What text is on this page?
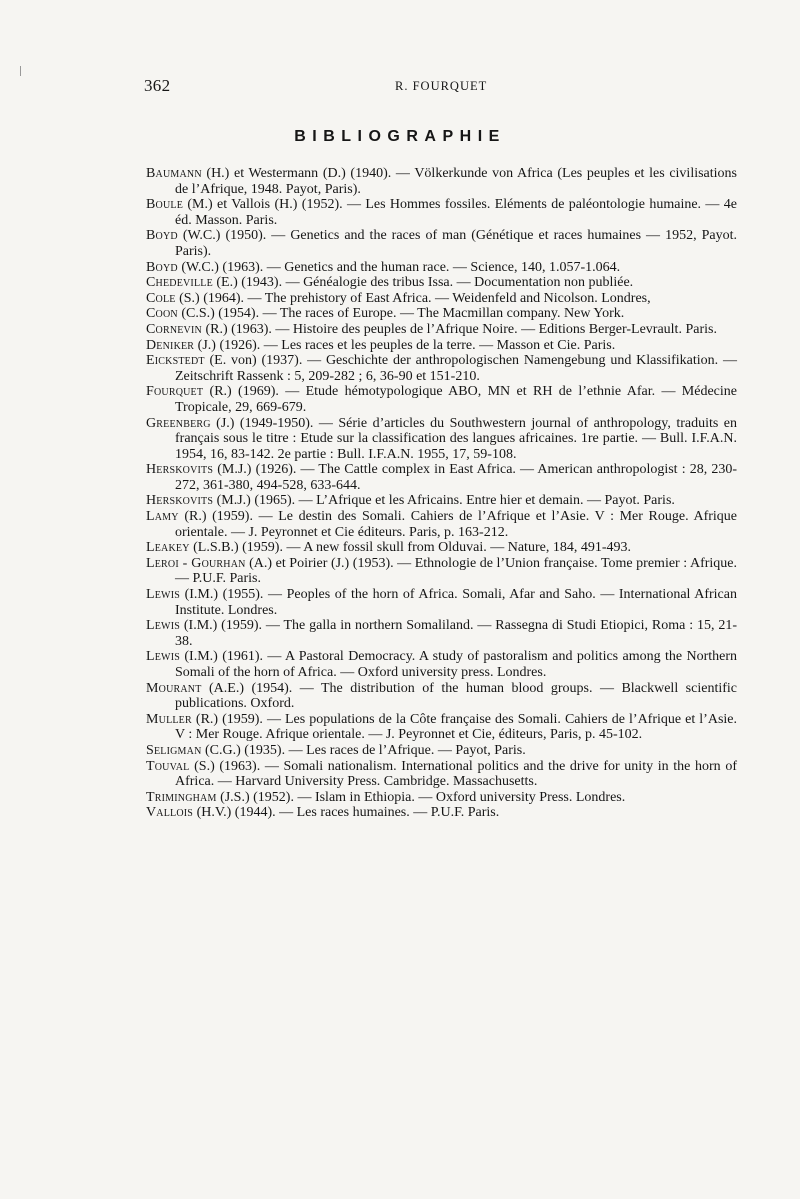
362	R. FOURQUET
BIBLIOGRAPHIE
Baumann (H.) et Westermann (D.) (1940). — Völkerkunde von Africa (Les peuples et les civilisations de l’Afrique, 1948. Payot, Paris).
Boule (M.) et Vallois (H.) (1952). — Les Hommes fossiles. Eléments de paléontologie humaine. — 4e éd. Masson. Paris.
Boyd (W.C.) (1950). — Genetics and the races of man (Génétique et races humaines — 1952, Payot. Paris).
Boyd (W.C.) (1963). — Genetics and the human race. — Science, 140, 1.057-1.064.
Chedeville (E.) (1943). — Généalogie des tribus Issa. — Documentation non publiée.
Cole (S.) (1964). — The prehistory of East Africa. — Weidenfeld and Nicolson. Londres,
Coon (C.S.) (1954). — The races of Europe. — The Macmillan company. New York.
Cornevin (R.) (1963). — Histoire des peuples de l’Afrique Noire. — Editions Berger-Levrault. Paris.
Deniker (J.) (1926). — Les races et les peuples de la terre. — Masson et Cie. Paris.
Eickstedt (E. von) (1937). — Geschichte der anthropologischen Namengebung und Klassifikation. — Zeitschrift Rassenk : 5, 209-282 ; 6, 36-90 et 151-210.
Fourquet (R.) (1969). — Etude hémotypologique ABO, MN et RH de l’ethnie Afar. — Médecine Tropicale, 29, 669-679.
Greenberg (J.) (1949-1950). — Série d’articles du Southwestern journal of anthropology, traduits en français sous le titre : Etude sur la classification des langues africaines. 1re partie. — Bull. I.F.A.N. 1954, 16, 83-142. 2e partie : Bull. I.F.A.N. 1955, 17, 59-108.
Herskovits (M.J.) (1926). — The Cattle complex in East Africa. — American anthropologist : 28, 230-272, 361-380, 494-528, 633-644.
Herskovits (M.J.) (1965). — L’Afrique et les Africains. Entre hier et demain. — Payot. Paris.
Lamy (R.) (1959). — Le destin des Somali. Cahiers de l’Afrique et l’Asie. V : Mer Rouge. Afrique orientale. — J. Peyronnet et Cie éditeurs. Paris, p. 163-212.
Leakey (L.S.B.) (1959). — A new fossil skull from Olduvai. — Nature, 184, 491-493.
Leroi - Gourhan (A.) et Poirier (J.) (1953). — Ethnologie de l’Union française. Tome premier : Afrique. — P.U.F. Paris.
Lewis (I.M.) (1955). — Peoples of the horn of Africa. Somali, Afar and Saho. — International African Institute. Londres.
Lewis (I.M.) (1959). — The galla in northern Somaliland. — Rassegna di Studi Etiopici, Roma : 15, 21-38.
Lewis (I.M.) (1961). — A Pastoral Democracy. A study of pastoralism and politics among the Northern Somali of the horn of Africa. — Oxford university press. Londres.
Mourant (A.E.) (1954). — The distribution of the human blood groups. — Blackwell scientific publications. Oxford.
Muller (R.) (1959). — Les populations de la Côte française des Somali. Cahiers de l’Afrique et l’Asie. V : Mer Rouge. Afrique orientale. — J. Peyronnet et Cie, éditeurs, Paris, p. 45-102.
Seligman (C.G.) (1935). — Les races de l’Afrique. — Payot, Paris.
Touval (S.) (1963). — Somali nationalism. International politics and the drive for unity in the horn of Africa. — Harvard University Press. Cambridge. Massachusetts.
Trimingham (J.S.) (1952). — Islam in Ethiopia. — Oxford university Press. Londres.
Vallois (H.V.) (1944). — Les races humaines. — P.U.F. Paris.
